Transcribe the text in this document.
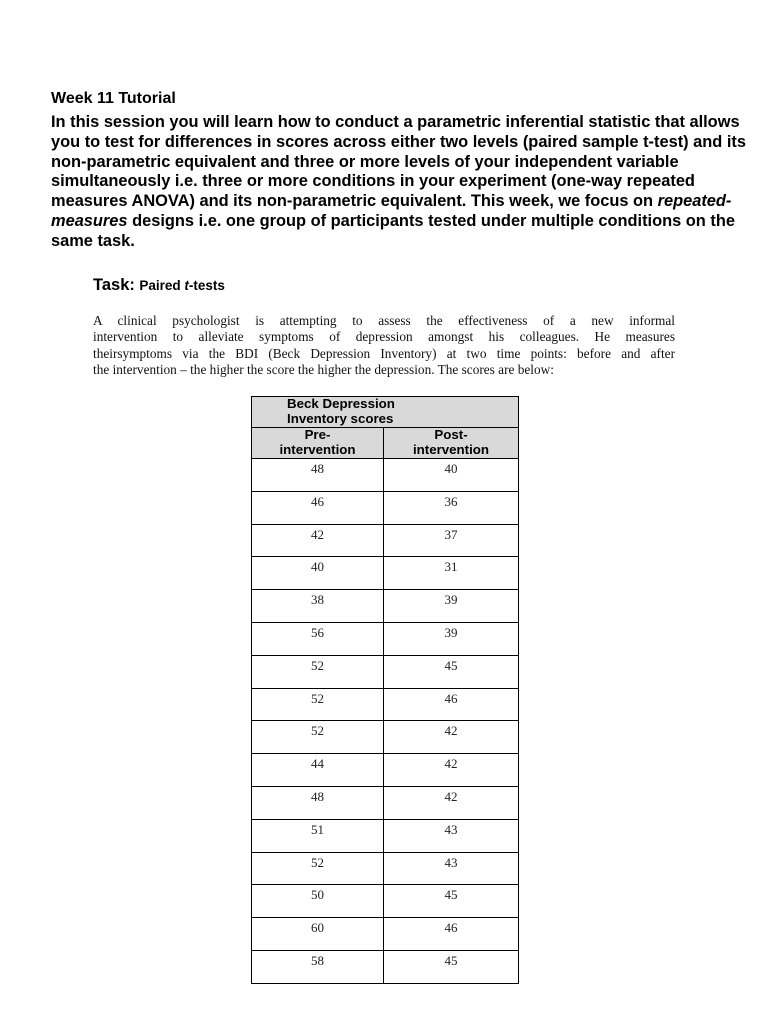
Week 11 Tutorial
In this session you will learn how to conduct a parametric inferential statistic that allows you to test for differences in scores across either two levels (paired sample t-test) and its non-parametric equivalent and three or more levels of your independent variable simultaneously i.e. three or more conditions in your experiment (one-way repeated measures ANOVA) and its non-parametric equivalent. This week, we focus on repeated-measures designs i.e. one group of participants tested under multiple conditions on the same task.
Task: Paired t-tests
A clinical psychologist is attempting to assess the effectiveness of a new informal
intervention to alleviate symptoms of depression amongst his colleagues. He measures
theirsymptoms via the BDI (Beck Depression Inventory) at two time points: before and after
the intervention – the higher the score the higher the depression. The scores are below:
Beck Depression
Inventory scores	
Pre-
intervention	Post-
intervention
48	40
46	36
42	37
40	31
38	39
56	39
52	45
52	46
52	42
44	42
48	42
51	43
52	43
50	45
60	46
58	45
